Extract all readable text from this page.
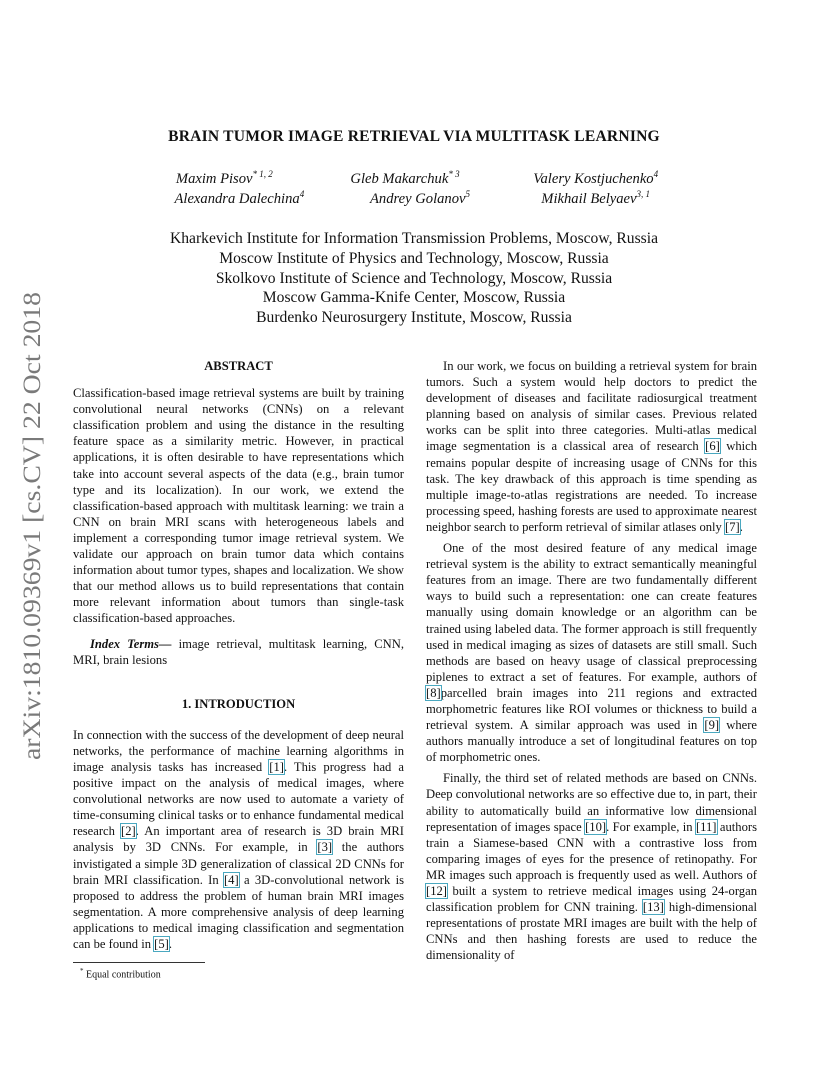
arXiv:1810.09369v1 [cs.CV] 22 Oct 2018
BRAIN TUMOR IMAGE RETRIEVAL VIA MULTITASK LEARNING
Maxim Pisov$^{* 1, 2}$	Gleb Makarchuk$^{* 3}$	Valery Kostjuchenko$^4$
Alexandra Dalechina$^4$	Andrey Golanov$^5$	Mikhail Belyaev$^{3, 1}$
Kharkevich Institute for Information Transmission Problems, Moscow, Russia
Moscow Institute of Physics and Technology, Moscow, Russia
Skolkovo Institute of Science and Technology, Moscow, Russia
Moscow Gamma-Knife Center, Moscow, Russia
Burdenko Neurosurgery Institute, Moscow, Russia
ABSTRACT

Classification-based image retrieval systems are built by training convolutional neural networks (CNNs) on a relevant classification problem and using the distance in the resulting feature space as a similarity metric. However, in practical applications, it is often desirable to have representations which take into account several aspects of the data (e.g., brain tumor type and its localization). In our work, we extend the classification-based approach with multitask learning: we train a CNN on brain MRI scans with heterogeneous labels and implement a corresponding tumor image retrieval system. We validate our approach on brain tumor data which contains information about tumor types, shapes and localization. We show that our method allows us to build representations that contain more relevant information about tumors than single-task classification-based approaches.

Index Terms— image retrieval, multitask learning, CNN, MRI, brain lesions

1. INTRODUCTION

In connection with the success of the development of deep neural networks, the performance of machine learning algorithms in image analysis tasks has increased [1]. This progress had a positive impact on the analysis of medical images, where convolutional networks are now used to automate a variety of time-consuming clinical tasks or to enhance fundamental medical research [2]. An important area of research is 3D brain MRI analysis by 3D CNNs. For example, in [3] the authors invistigated a simple 3D generalization of classical 2D CNNs for brain MRI classification. In [4] a 3D-convolutional network is proposed to address the problem of human brain MRI images segmentation. A more comprehensive analysis of deep learning applications to medical imaging classification and segmentation can be found in [5].

* Equal contribution

In our work, we focus on building a retrieval system for brain tumors. Such a system would help doctors to predict the development of diseases and facilitate radiosurgical treatment planning based on analysis of similar cases. Previous related works can be split into three categories. Multi-atlas medical image segmentation is a classical area of research [6] which remains popular despite of increasing usage of CNNs for this task. The key drawback of this approach is time spending as multiple image-to-atlas registrations are needed. To increase processing speed, hashing forests are used to approximate nearest neighbor search to perform retrieval of similar atlases only [7].

One of the most desired feature of any medical image retrieval system is the ability to extract semantically meaningful features from an image. There are two fundamentally different ways to build such a representation: one can create features manually using domain knowledge or an algorithm can be trained using labeled data. The former approach is still frequently used in medical imaging as sizes of datasets are still small. Such methods are based on heavy usage of classical preprocessing piplenes to extract a set of features. For example, authors of [8]parcelled brain images into 211 regions and extracted morphometric features like ROI volumes or thickness to build a retrieval system. A similar approach was used in [9] where authors manually introduce a set of longitudinal features on top of morphometric ones.

Finally, the third set of related methods are based on CNNs. Deep convolutional networks are so effective due to, in part, their ability to automatically build an informative low dimensional representation of images space [10]. For example, in [11] authors train a Siamese-based CNN with a contrastive loss from comparing images of eyes for the presence of retinopathy. For MR images such approach is frequently used as well. Authors of [12] built a system to retrieve medical images using 24-organ classification problem for CNN training. [13] high-dimensional representations of prostate MRI images are built with the help of CNNs and then hashing forests are used to reduce the dimensionality of
